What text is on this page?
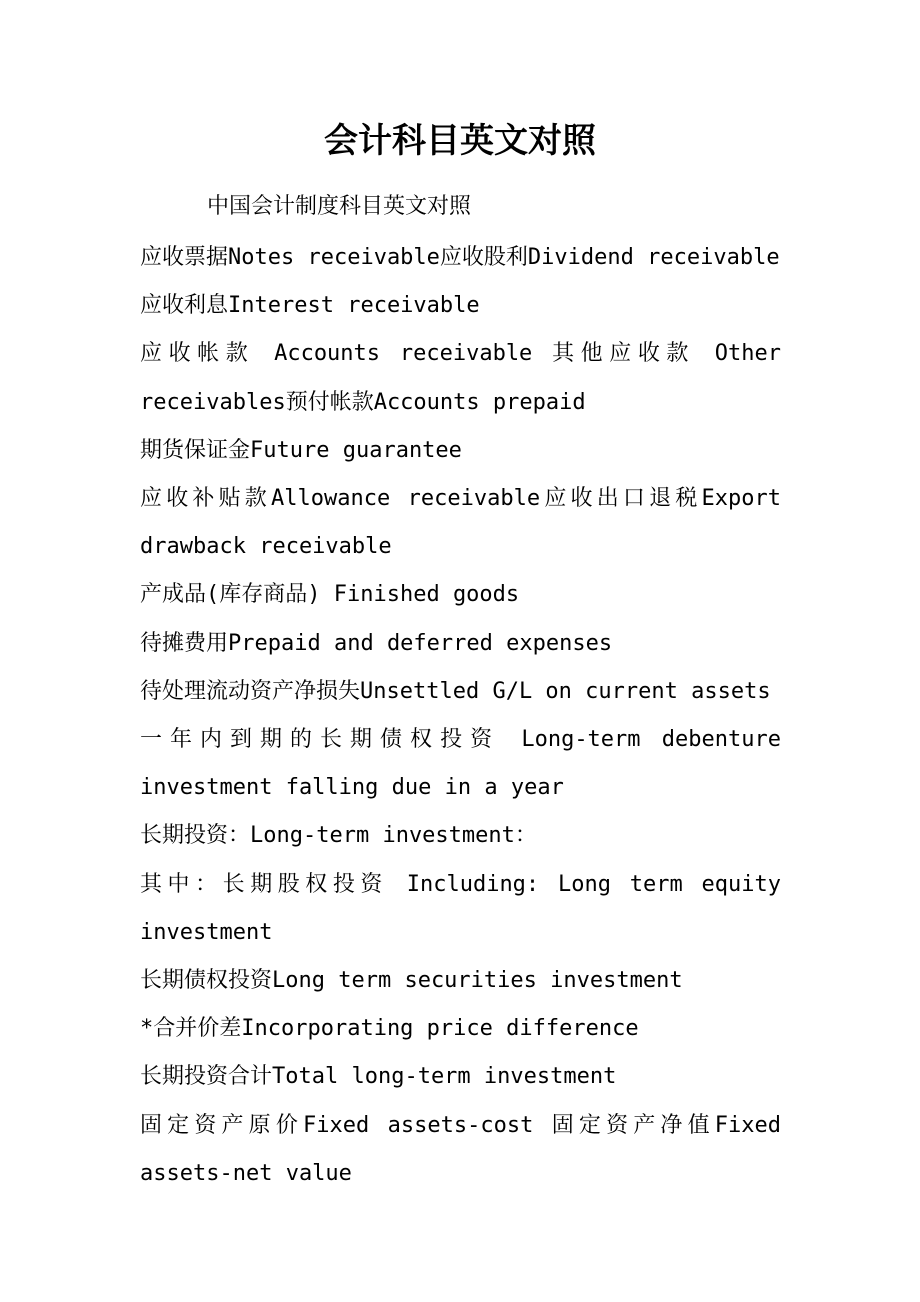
会计科目英文对照

中国会计制度科目英文对照

应收票据Notes receivable应收股利Dividend receivable

应收利息Interest receivable

应收帐款 Accounts receivable 其他应收款 Other receivables预付帐款Accounts prepaid

期货保证金Future guarantee

应收补贴款Allowance receivable应收出口退税Export drawback receivable

产成品(库存商品) Finished goods

待摊费用Prepaid and deferred expenses

待处理流动资产净损失Unsettled G/L on current assets

一年内到期的长期债权投资 Long-term debenture investment falling due in a year

长期投资：Long-term investment：

其中：长期股权投资 Including: Long term equity investment

长期债权投资Long term securities investment

*合并价差Incorporating price difference

长期投资合计Total long-term investment

固定资产原价Fixed assets-cost 固定资产净值Fixed assets-net value
